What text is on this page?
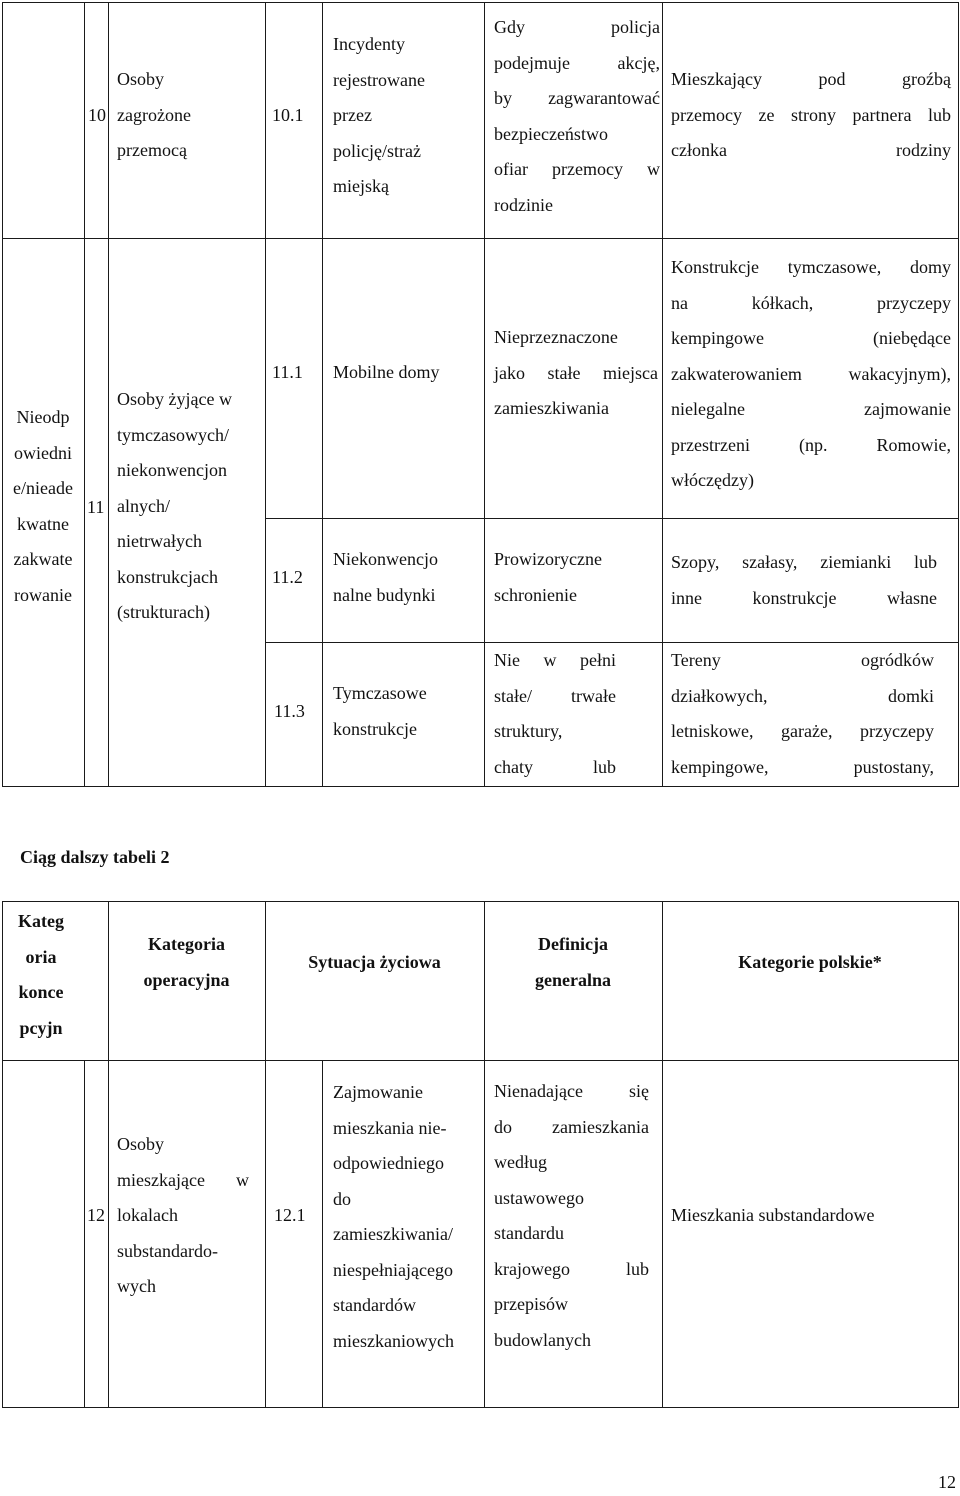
10
Osoby
zagrożone
przemocą
10.1
Incydenty
rejestrowane
przez
policję/straż
miejską
Gdy policja
podejmuje akcję,
by zagwarantować
bezpieczeństwo
ofiar przemocy w
rodzinie
Mieszkający pod groźbą
przemocy ze strony partnera lub
członka rodziny
Nieodp
owiedni
e/nieade
kwatne
zakwate
rowanie
11
Osoby żyjące w
tymczasowych/
niekonwencjon
alnych/
nietrwałych
konstrukcjach
(strukturach)
11.1	Mobilne domy
Nieprzeznaczone
jako stałe miejsca
zamieszkiwania
Konstrukcje tymczasowe, domy
na kółkach, przyczepy
kempingowe (niebędące
zakwaterowaniem wakacyjnym),
nielegalne zajmowanie
przestrzeni (np. Romowie,
włóczędzy)
11.2
Niekonwencjo
nalne budynki
Prowizoryczne
schronienie
Szopy, szałasy, ziemianki lub
inne konstrukcje własne
11.3
Tymczasowe
konstrukcje
Nie w pełni
stałe/ trwałe
struktury,
chaty lub
Tereny ogródków
działkowych, domki
letniskowe, garaże, przyczepy
kempingowe, pustostany,
Ciąg dalszy tabeli 2
Kateg
oria
konce
pcyjn
Kategoria
operacyjna
Sytuacja życiowa
Definicja
generalna
Kategorie polskie*
12
Osoby
mieszkające w
lokalach
substandardo-
wych
12.1
Zajmowanie
mieszkania nie-
odpowiedniego
do
zamieszkiwania/
niespełniającego
standardów
mieszkaniowych
Nienadające się
do zamieszkania
według
ustawowego
standardu
krajowego lub
przepisów
budowlanych
Mieszkania substandardowe
12
